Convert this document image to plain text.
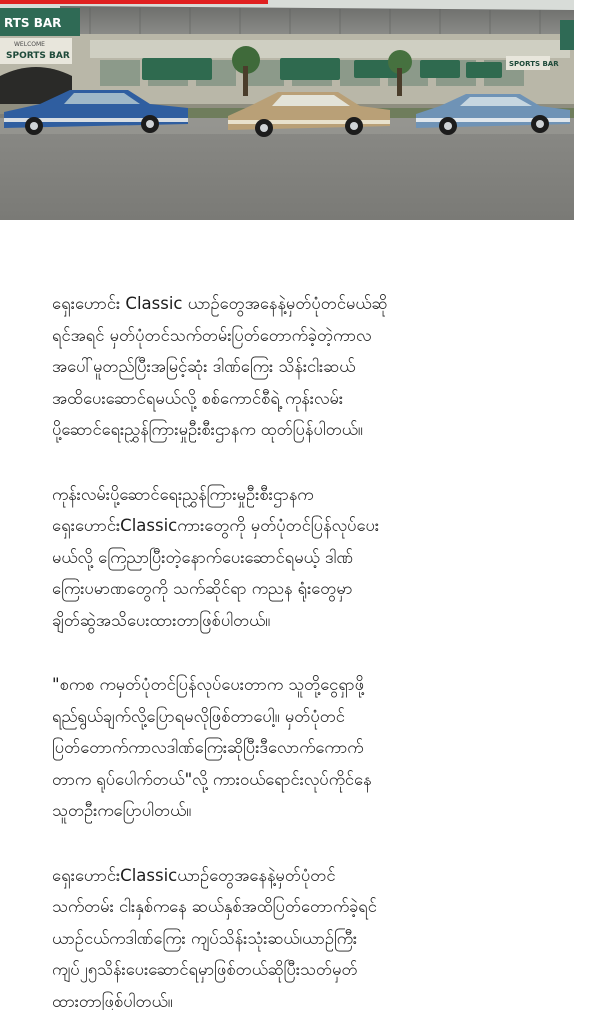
RTS BAR
WELCOME
SPORTS BAR
SPORTS BAR

ရှေးဟောင်း Classic ယာဉ်တွေအနေနဲ့မှတ်ပုံတင်မယ်ဆို
ရင်အရင် မှတ်ပုံတင်သက်တမ်းပြတ်တောက်ခဲ့တဲ့ကာလ
အပေါ်မူတည်ပြီးအမြင့်ဆုံး ဒါဏ်ကြေး သိန်းငါးဆယ်
အထိပေးဆောင်ရမယ်လို့ စစ်ကောင်စီရဲ့ ကုန်းလမ်း
ပို့ဆောင်ရေးညွှန်ကြားမှုဦးစီးဌာနက ထုတ်ပြန်ပါတယ်။

ကုန်းလမ်းပို့ဆောင်ရေးညွှန်ကြားမှုဦးစီးဌာနက
ရှေးဟောင်းClassicကားတွေကို မှတ်ပုံတင်ပြန်လုပ်ပေး
မယ်လို့ ကြေညာပြီးတဲ့နောက်ပေးဆောင်ရမယ့် ဒါဏ်
ကြေးပမာဏတွေကို သက်ဆိုင်ရာ ကညန ရုံးတွေမှာ
ချိတ်ဆွဲအသိပေးထားတာဖြစ်ပါတယ်။

"စကစ ကမှတ်ပုံတင်ပြန်လုပ်ပေးတာက သူတို့ငွေရှာဖို့
ရည်ရွယ်ချက်လို့ပြောရမလိုဖြစ်တာပေါ့။ မှတ်ပုံတင်
ပြတ်တောက်ကာလဒါဏ်ကြေးဆိုပြီးဒီလောက်ကောက်
တာက ရုပ်ပေါက်တယ်"လို့ ကားဝယ်ရောင်းလုပ်ကိုင်နေ
သူတဦးကပြောပါတယ်။

ရှေးဟောင်းClassicယာဉ်တွေအနေနဲ့မှတ်ပုံတင်
သက်တမ်း ငါးနှစ်ကနေ ဆယ်နှစ်အထိပြတ်တောက်ခဲ့ရင်
ယာဉ်ငယ်ကဒါဏ်ကြေး ကျပ်သိန်းသုံးဆယ်၊ယာဉ်ကြီး
ကျပ်၂၅သိန်းပေးဆောင်ရမှာဖြစ်တယ်ဆိုပြီးသတ်မှတ်
ထားတာဖြစ်ပါတယ်။
